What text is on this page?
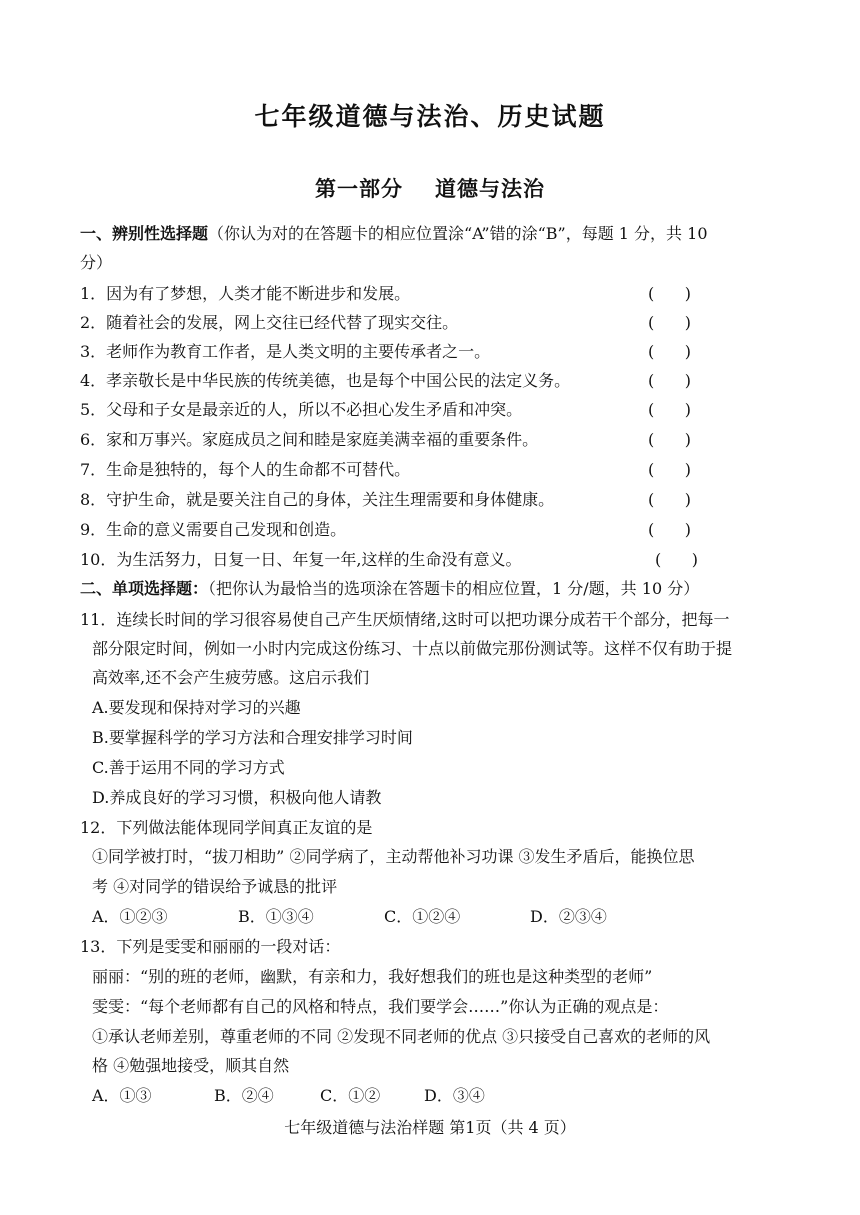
七年级道德与法治、历史试题
第一部分 道德与法治
一、辨别性选择题（你认为对的在答题卡的相应位置涂“A”错的涂“B”，每题 1 分，共 10
分）
1．因为有了梦想，人类才能不断进步和发展。	(      )
2．随着社会的发展，网上交往已经代替了现实交往。	(      )
3．老师作为教育工作者，是人类文明的主要传承者之一。	(      )
4．孝亲敬长是中华民族的传统美德，也是每个中国公民的法定义务。	(      )
5．父母和子女是最亲近的人，所以不必担心发生矛盾和冲突。	(      )
6．家和万事兴。家庭成员之间和睦是家庭美满幸福的重要条件。	(      )
7．生命是独特的，每个人的生命都不可替代。	(      )
8．守护生命，就是要关注自己的身体，关注生理需要和身体健康。	(      )
9．生命的意义需要自己发现和创造。	(      )
10．为生活努力，日复一日、年复一年,这样的生命没有意义。	(      )
二、单项选择题：（把你认为最恰当的选项涂在答题卡的相应位置，1 分/题，共 10 分）
11．连续长时间的学习很容易使自己产生厌烦情绪,这时可以把功课分成若干个部分，把每一
部分限定时间，例如一小时内完成这份练习、十点以前做完那份测试等。这样不仅有助于提
高效率,还不会产生疲劳感。这启示我们
A.要发现和保持对学习的兴趣
B.要掌握科学的学习方法和合理安排学习时间
C.善于运用不同的学习方式
D.养成良好的学习习惯，积极向他人请教
12．下列做法能体现同学间真正友谊的是
①同学被打时，“拔刀相助” ②同学病了，主动帮他补习功课 ③发生矛盾后，能换位思
考 ④对同学的错误给予诚恳的批评
A．①②③	B．①③④	C．①②④	D．②③④
13．下列是雯雯和丽丽的一段对话：
丽丽：“别的班的老师，幽默，有亲和力，我好想我们的班也是这种类型的老师”
雯雯：“每个老师都有自己的风格和特点，我们要学会……”你认为正确的观点是：
①承认老师差别，尊重老师的不同 ②发现不同老师的优点 ③只接受自己喜欢的老师的风
格 ④勉强地接受，顺其自然
A．①③	B．②④	C．①②	D．③④
七年级道德与法治样题 第1页（共 4 页）
